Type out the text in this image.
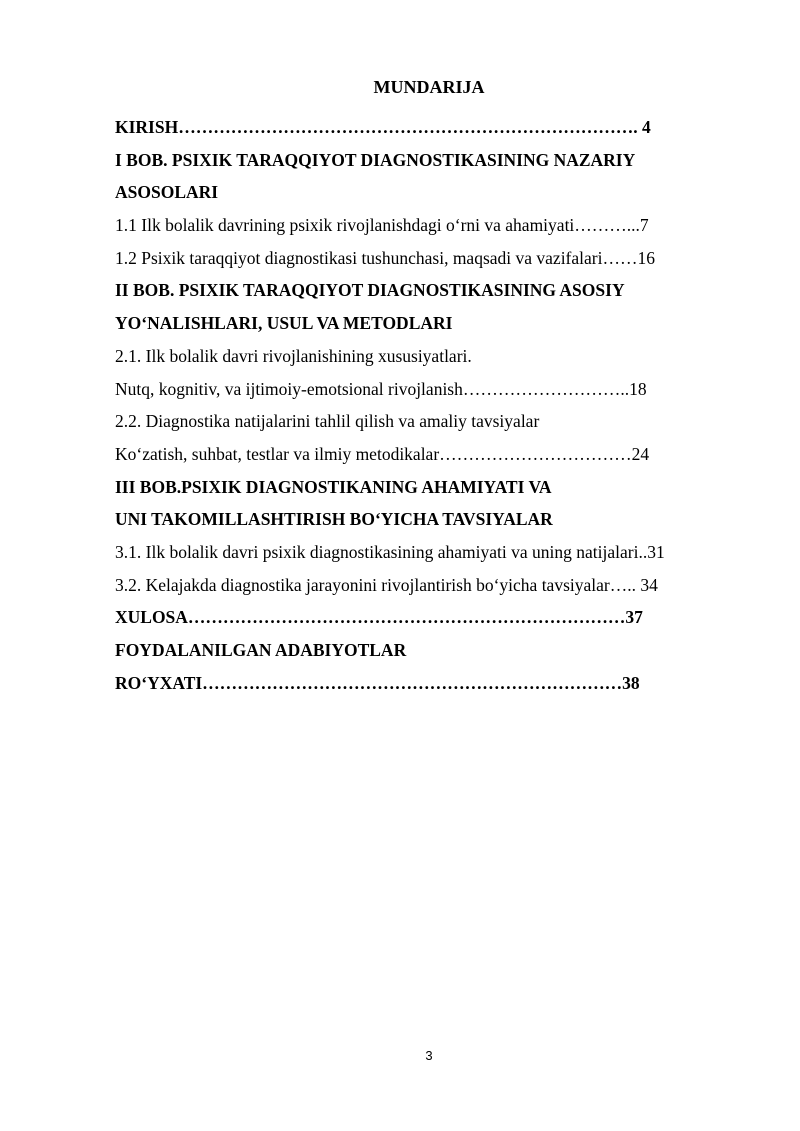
MUNDARIJA
KIRISH……………………………………………………………………. 4
I BOB. PSIXIK TARAQQIYOT DIAGNOSTIKASINING NAZARIY
ASOSOLARI
1.1 Ilk bolalik davrining psixik rivojlanishdagi o‘rni va ahamiyati………...7
1.2 Psixik taraqqiyot diagnostikasi tushunchasi, maqsadi va vazifalari……16
II BOB. PSIXIK TARAQQIYOT DIAGNOSTIKASINING ASOSIY
YO‘NALISHLARI, USUL VA METODLARI
2.1. Ilk bolalik davri rivojlanishining xususiyatlari.
Nutq, kognitiv, va ijtimoiy-emotsional rivojlanish………………………..18
2.2. Diagnostika natijalarini tahlil qilish va amaliy tavsiyalar
Ko‘zatish, suhbat, testlar va ilmiy metodikalar……………………………24
III BOB.PSIXIK DIAGNOSTIKANING AHAMIYATI VA
UNI TAKOMILLASHTIRISH BO‘YICHA TAVSIYALAR
3.1. Ilk bolalik davri psixik diagnostikasining ahamiyati va uning natijalari..31
3.2. Kelajakda diagnostika jarayonini rivojlantirish bo‘yicha tavsiyalar….. 34
XULOSA…………………………………………………………………37
FOYDALANILGAN ADABIYOTLAR
RO‘YXATI………………………………………………………………38
3
